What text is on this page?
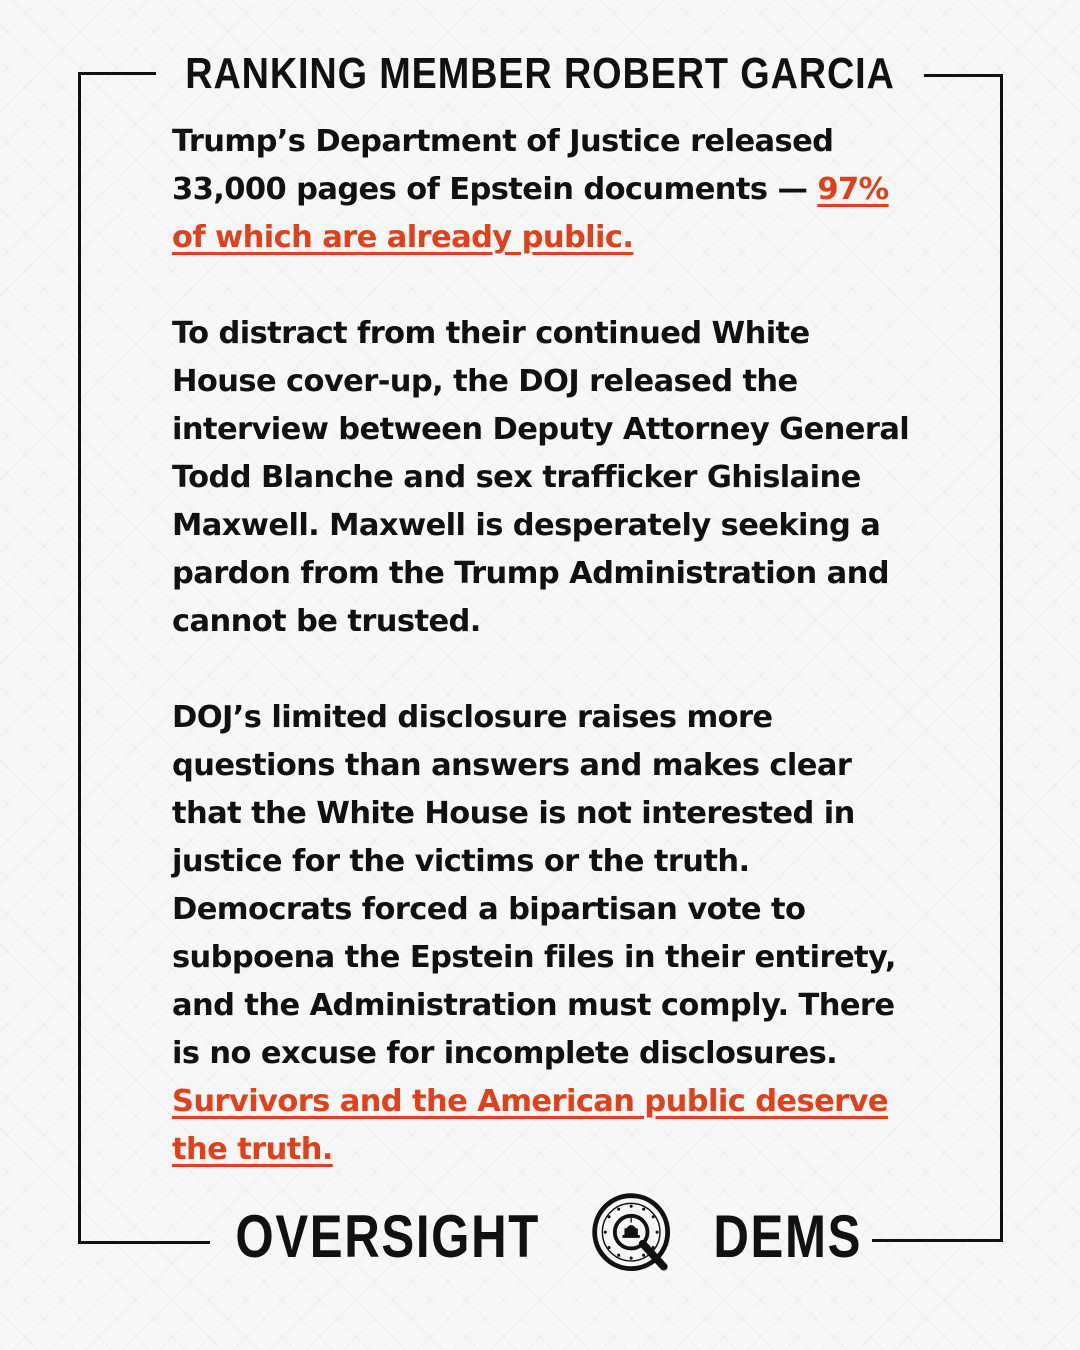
RANKING MEMBER ROBERT GARCIA

Trump’s Department of Justice released 33,000 pages of Epstein documents — 97% of which are already public.

To distract from their continued White House cover-up, the DOJ released the interview between Deputy Attorney General Todd Blanche and sex trafficker Ghislaine Maxwell. Maxwell is desperately seeking a pardon from the Trump Administration and cannot be trusted.

DOJ’s limited disclosure raises more questions than answers and makes clear that the White House is not interested in justice for the victims or the truth. Democrats forced a bipartisan vote to subpoena the Epstein files in their entirety, and the Administration must comply. There is no excuse for incomplete disclosures. Survivors and the American public deserve the truth.

OVERSIGHT	DEMS
